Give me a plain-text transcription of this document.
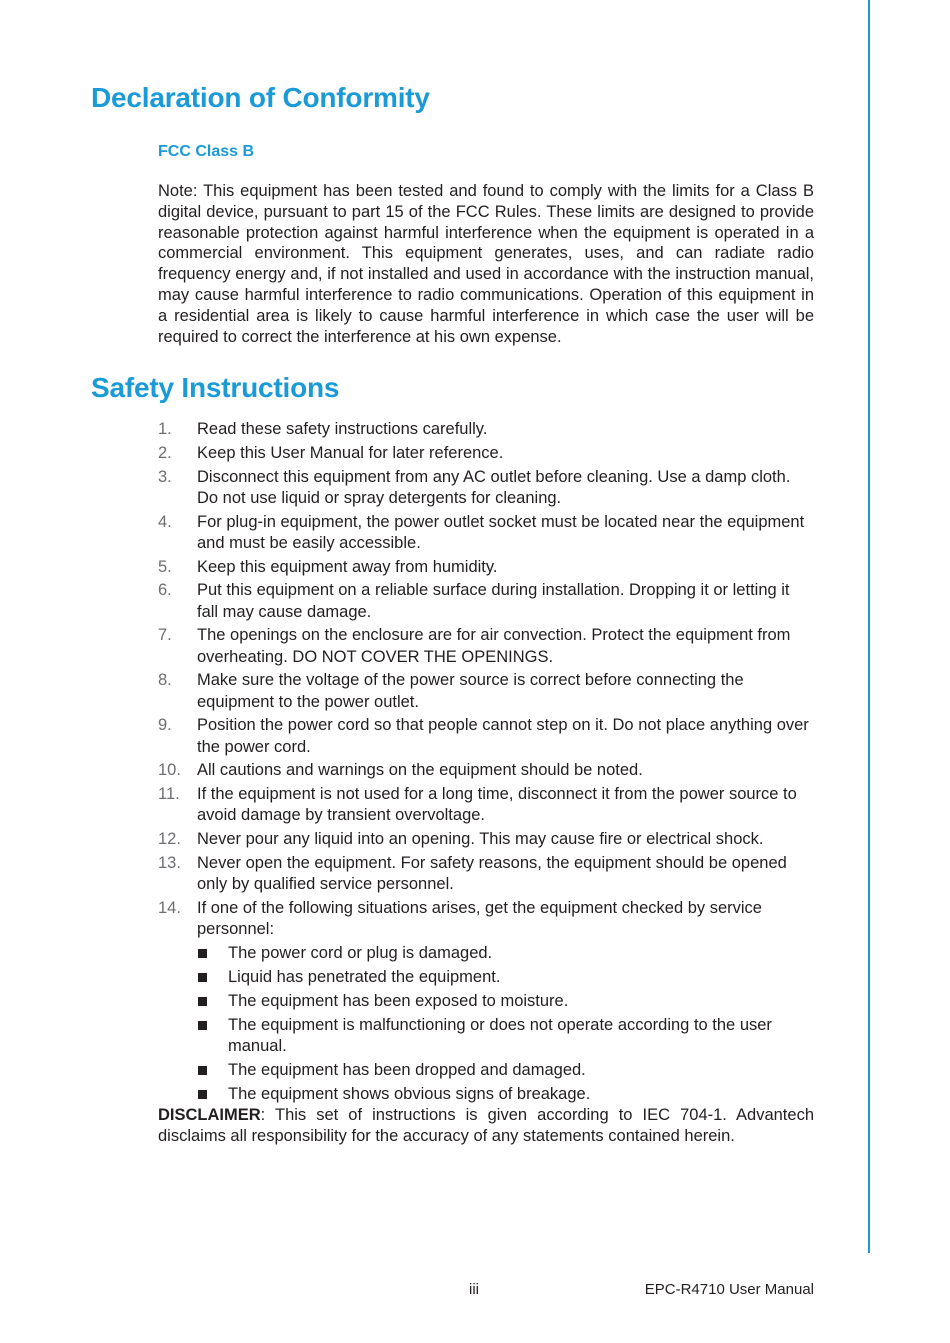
Declaration of Conformity
FCC Class B

Note: This equipment has been tested and found to comply with the limits for a Class B digital device, pursuant to part 15 of the FCC Rules. These limits are designed to provide reasonable protection against harmful interference when the equipment is operated in a commercial environment. This equipment generates, uses, and can radiate radio frequency energy and, if not installed and used in accordance with the instruction manual, may cause harmful interference to radio communications. Operation of this equipment in a residential area is likely to cause harmful interference in which case the user will be required to correct the interference at his own expense.

Safety Instructions
1. Read these safety instructions carefully.
2. Keep this User Manual for later reference.
3. Disconnect this equipment from any AC outlet before cleaning. Use a damp cloth. Do not use liquid or spray detergents for cleaning.
4. For plug-in equipment, the power outlet socket must be located near the equipment and must be easily accessible.
5. Keep this equipment away from humidity.
6. Put this equipment on a reliable surface during installation. Dropping it or letting it fall may cause damage.
7. The openings on the enclosure are for air convection. Protect the equipment from overheating. DO NOT COVER THE OPENINGS.
8. Make sure the voltage of the power source is correct before connecting the equipment to the power outlet.
9. Position the power cord so that people cannot step on it. Do not place anything over the power cord.
10. All cautions and warnings on the equipment should be noted.
11. If the equipment is not used for a long time, disconnect it from the power source to avoid damage by transient overvoltage.
12. Never pour any liquid into an opening. This may cause fire or electrical shock.
13. Never open the equipment. For safety reasons, the equipment should be opened only by qualified service personnel.
14. If one of the following situations arises, get the equipment checked by service personnel:
The power cord or plug is damaged.
Liquid has penetrated the equipment.
The equipment has been exposed to moisture.
The equipment is malfunctioning or does not operate according to the user manual.
The equipment has been dropped and damaged.
The equipment shows obvious signs of breakage.

DISCLAIMER: This set of instructions is given according to IEC 704-1. Advantech disclaims all responsibility for the accuracy of any statements contained herein.

iii	EPC-R4710 User Manual
